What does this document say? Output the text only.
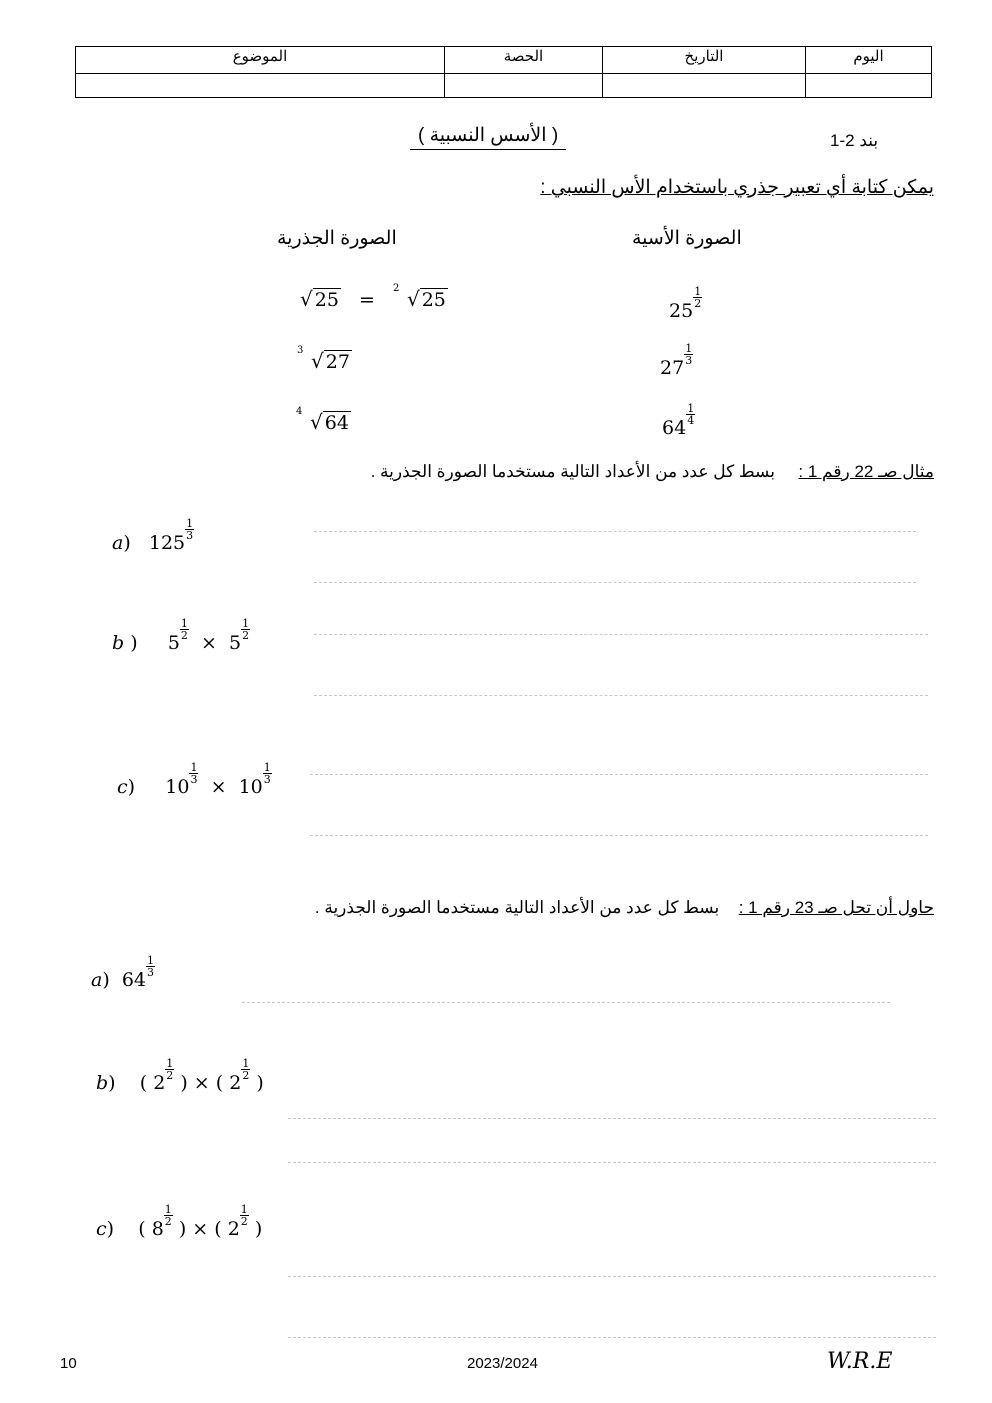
الموضوع	الحصة	التاريخ	اليوم

بند 2-1
( الأسس النسبية )
يمكن كتابة أي تعبير جذري باستخدام الأس النسبي :
الصورة الجذرية	الصورة الأسية
√ 25 =
2 √ 25	25
$\frac{1}{2}$
3 √ 27	27
$\frac{1}{3}$
4 √ 64	64
$\frac{1}{4}$
مثال صـ 22 رقم 1 :  بسط كل عدد من الأعداد التالية مستخدما الصورة الجذرية .
a)   125
$\frac{1}{3}$
b )     5
$\frac{1}{2}$
× 5
$\frac{1}{2}$
c)     10
$\frac{1}{3}$
× 10
$\frac{1}{3}$
حاول أن تحل صـ 23 رقم 1 :  بسط كل عدد من الأعداد التالية مستخدما الصورة الجذرية .
a)  64
$\frac{1}{3}$
b)    ( 2
$\frac{1}{2}$
) × ( 2
$\frac{1}{2}$
)
c)    ( 8
$\frac{1}{2}$
) × ( 2
$\frac{1}{2}$
)
10	2023/2024	W.R.E
